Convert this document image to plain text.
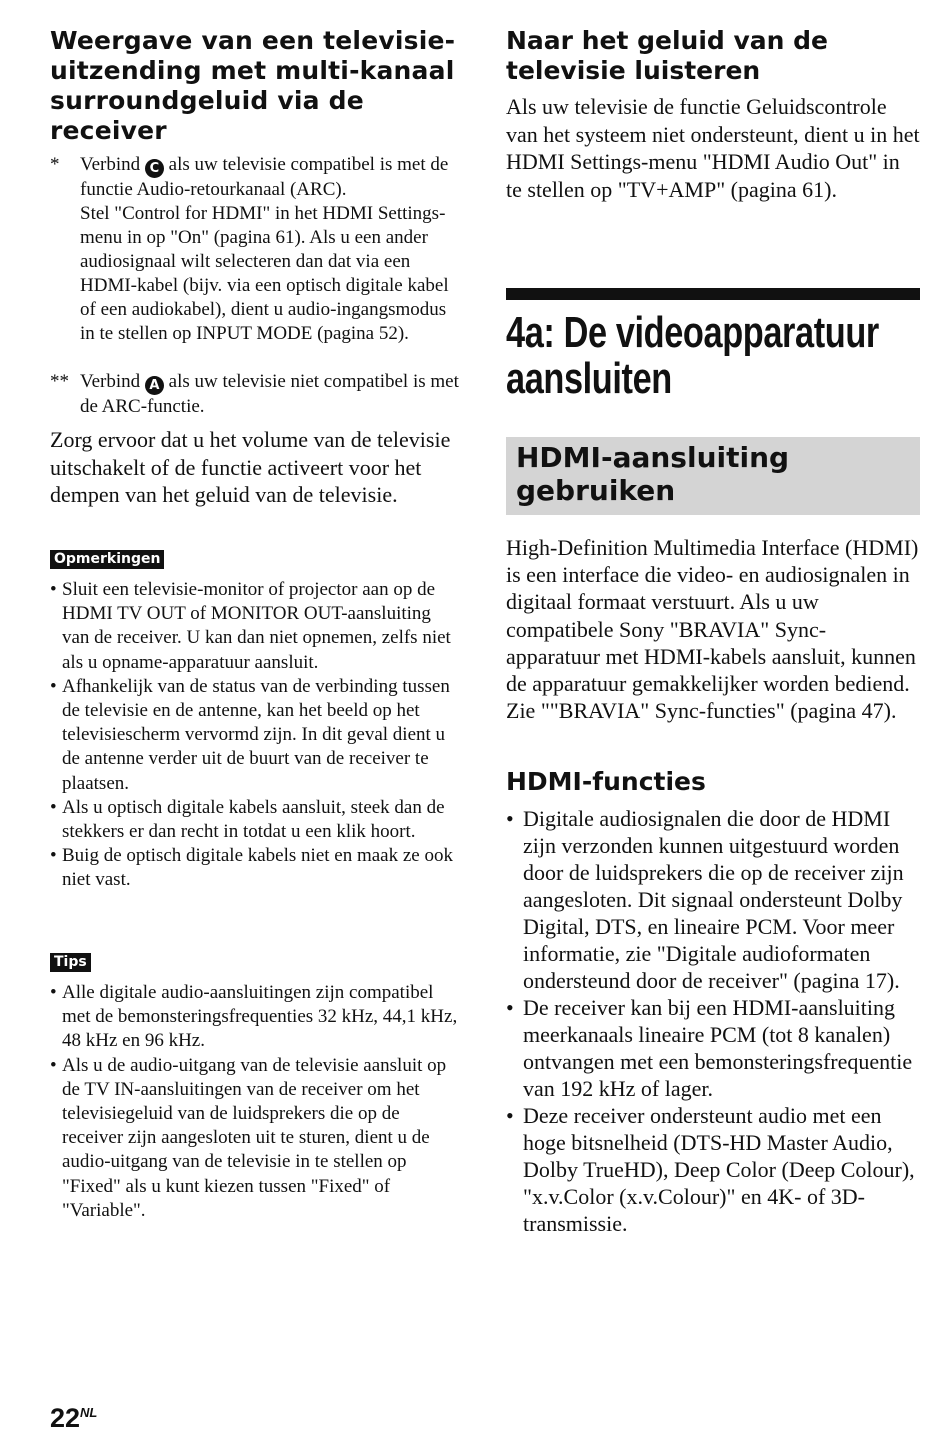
Weergave van een televisie-uitzending met multi-kanaal surroundgeluid via de receiver
* Verbind C als uw televisie compatibel is met de functie Audio-retourkanaal (ARC).
Stel "Control for HDMI" in het HDMI Settings-menu in op "On" (pagina 61). Als u een ander audiosignaal wilt selecteren dan dat via een HDMI-kabel (bijv. via een optisch digitale kabel of een audiokabel), dient u audio-ingangsmodus in te stellen op INPUT MODE (pagina 52).
** Verbind A als uw televisie niet compatibel is met de ARC-functie.

Zorg ervoor dat u het volume van de televisie uitschakelt of de functie activeert voor het dempen van het geluid van de televisie.

Opmerkingen
• Sluit een televisie-monitor of projector aan op de HDMI TV OUT of MONITOR OUT-aansluiting van de receiver. U kan dan niet opnemen, zelfs niet als u opname-apparatuur aansluit.
• Afhankelijk van de status van de verbinding tussen de televisie en de antenne, kan het beeld op het televisiescherm vervormd zijn. In dit geval dient u de antenne verder uit de buurt van de receiver te plaatsen.
• Als u optisch digitale kabels aansluit, steek dan de stekkers er dan recht in totdat u een klik hoort.
• Buig de optisch digitale kabels niet en maak ze ook niet vast.
Tips
• Alle digitale audio-aansluitingen zijn compatibel met de bemonsteringsfrequenties 32 kHz, 44,1 kHz, 48 kHz en 96 kHz.
• Als u de audio-uitgang van de televisie aansluit op de TV IN-aansluitingen van de receiver om het televisiegeluid van de luidsprekers die op de receiver zijn aangesloten uit te sturen, dient u de audio-uitgang van de televisie in te stellen op "Fixed" als u kunt kiezen tussen "Fixed" of "Variable".
Naar het geluid van de televisie luisteren

Als uw televisie de functie Geluidscontrole van het systeem niet ondersteunt, dient u in het HDMI Settings-menu "HDMI Audio Out" in te stellen op "TV+AMP" (pagina 61).

4a: De videoapparatuur aansluiten
HDMI-aansluiting gebruiken

High-Definition Multimedia Interface (HDMI) is een interface die video- en audiosignalen in digitaal formaat verstuurt. Als u uw compatibele Sony "BRAVIA" Sync-apparatuur met HDMI-kabels aansluit, kunnen de apparatuur gemakkelijker worden bediend. Zie ""BRAVIA" Sync-functies" (pagina 47).

HDMI-functies
• Digitale audiosignalen die door de HDMI zijn verzonden kunnen uitgestuurd worden door de luidsprekers die op de receiver zijn aangesloten. Dit signaal ondersteunt Dolby Digital, DTS, en lineaire PCM. Voor meer informatie, zie "Digitale audioformaten ondersteund door de receiver" (pagina 17).
• De receiver kan bij een HDMI-aansluiting meerkanaals lineaire PCM (tot 8 kanalen) ontvangen met een bemonsteringsfrequentie van 192 kHz of lager.
• Deze receiver ondersteunt audio met een hoge bitsnelheid (DTS-HD Master Audio, Dolby TrueHD), Deep Color (Deep Colour), "x.v.Color (x.v.Colour)" en 4K- of 3D-transmissie.
$22^{NL}$
